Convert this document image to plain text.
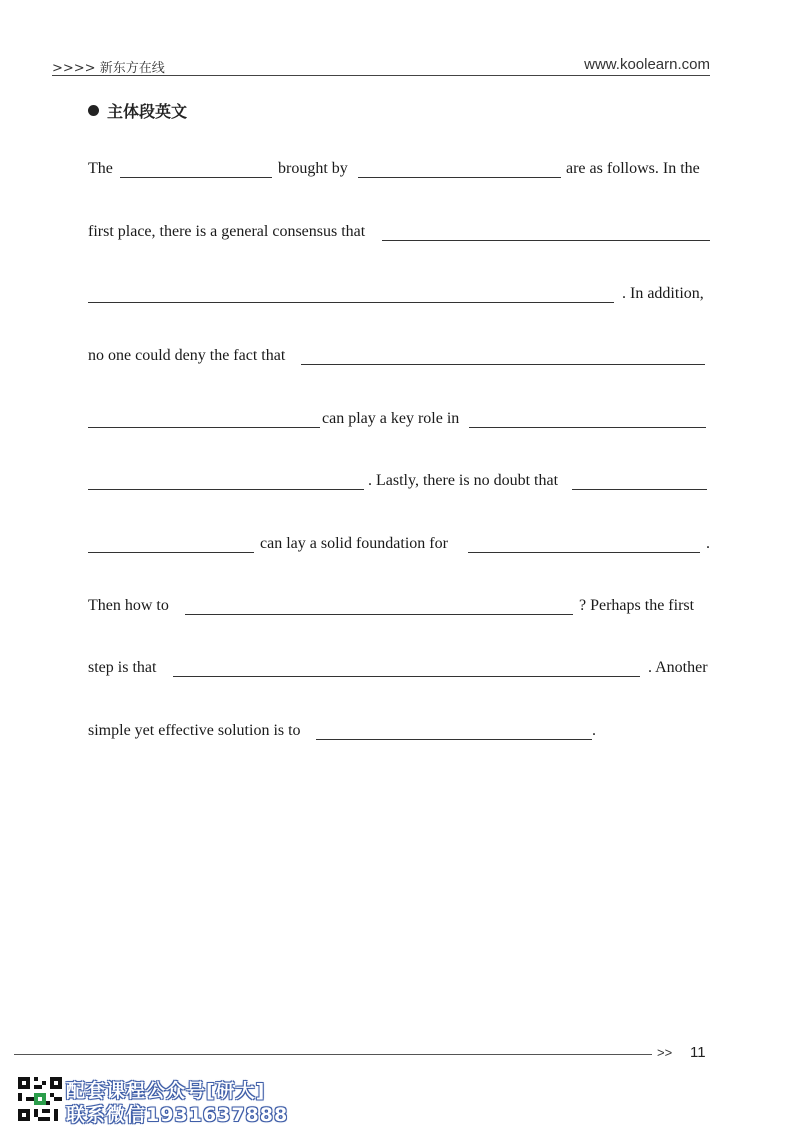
>>>> 新东方在线	www.koolearn.com
主体段英文
The	brought by	are as follows. In the
first place, there is a general consensus that
. In addition,
no one could deny the fact that
can play a key role in
. Lastly, there is no doubt that
can lay a solid foundation for	.
Then how to	? Perhaps the first
step is that	. Another
simple yet effective solution is to	.
>> 11
配套课程公众号[研大]
联系微信1931637888
